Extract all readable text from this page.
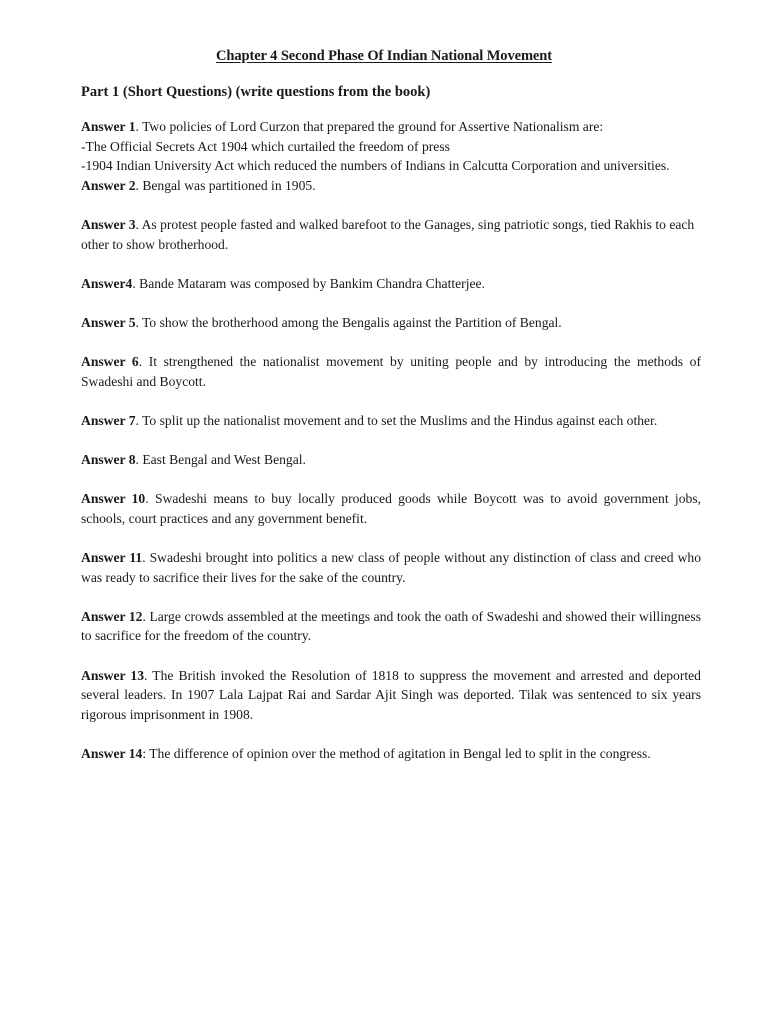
Chapter 4 Second Phase Of Indian National Movement
Part 1 (Short Questions) (write questions from the book)
Answer 1. Two policies of Lord Curzon that prepared the ground for Assertive Nationalism are:
-The Official Secrets Act 1904 which curtailed the freedom of press
-1904 Indian University Act which reduced the numbers of Indians in Calcutta Corporation and universities.
Answer 2. Bengal was partitioned in 1905.
Answer 3. As protest people fasted and walked barefoot to the Ganages, sing patriotic songs, tied Rakhis to each other to show brotherhood.
Answer4. Bande Mataram was composed by Bankim Chandra Chatterjee.
Answer 5. To show the brotherhood among the Bengalis against the Partition of Bengal.
Answer 6. It strengthened the nationalist movement by uniting people and by introducing the methods of Swadeshi and Boycott.
Answer 7. To split up the nationalist movement and to set the Muslims and the Hindus against each other.
Answer 8. East Bengal and West Bengal.
Answer 10. Swadeshi means to buy locally produced goods while Boycott was to avoid government jobs, schools, court practices and any government benefit.
Answer 11. Swadeshi brought into politics a new class of people without any distinction of class and creed who was ready to sacrifice their lives for the sake of the country.
Answer 12. Large crowds assembled at the meetings and took the oath of Swadeshi and showed their willingness to sacrifice for the freedom of the country.
Answer 13. The British invoked the Resolution of 1818 to suppress the movement and arrested and deported several leaders. In 1907 Lala Lajpat Rai and Sardar Ajit Singh was deported. Tilak was sentenced to six years rigorous imprisonment in 1908.
Answer 14: The difference of opinion over the method of agitation in Bengal led to split in the congress.
